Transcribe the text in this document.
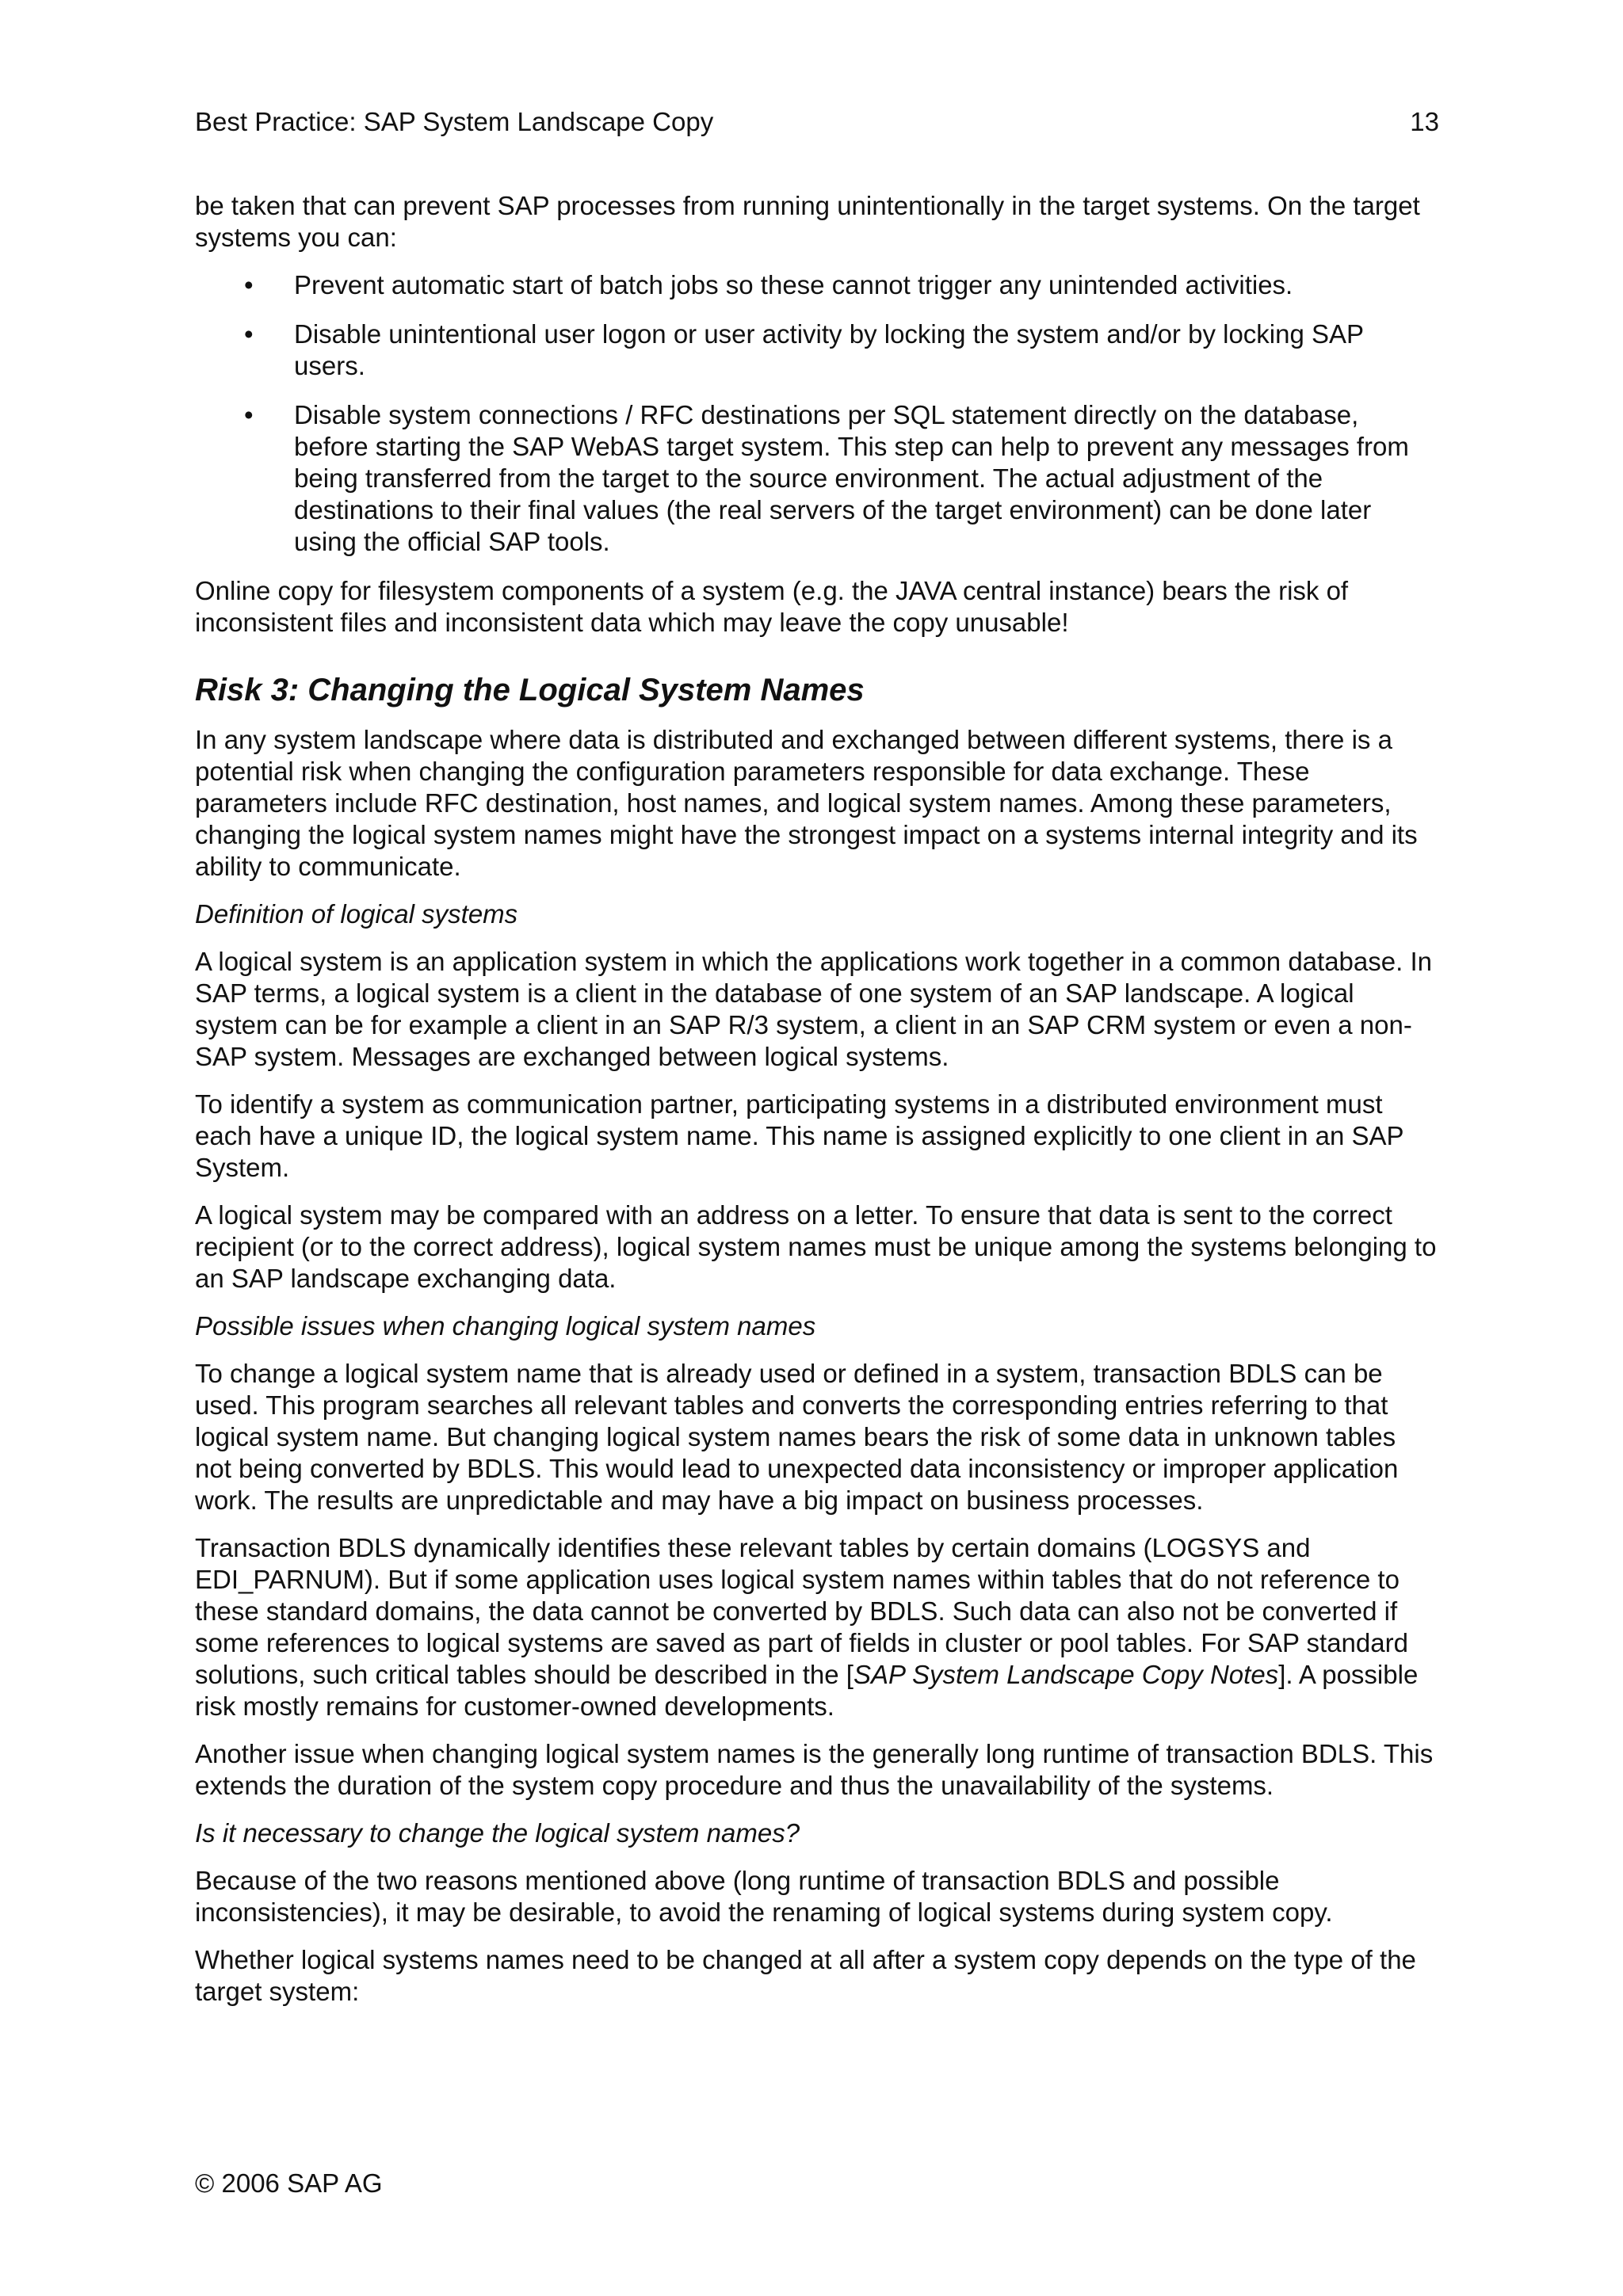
Best Practice: SAP System Landscape Copy	13

be taken that can prevent SAP processes from running unintentionally in the target systems. On the target systems you can:

• Prevent automatic start of batch jobs so these cannot trigger any unintended activities.
• Disable unintentional user logon or user activity by locking the system and/or by locking SAP users.
• Disable system connections / RFC destinations per SQL statement directly on the database, before starting the SAP WebAS target system. This step can help to prevent any messages from being transferred from the target to the source environment. The actual adjustment of the destinations to their final values (the real servers of the target environment) can be done later using the official SAP tools.

Online copy for filesystem components of a system (e.g. the JAVA central instance) bears the risk of inconsistent files and inconsistent data which may leave the copy unusable!

Risk 3: Changing the Logical System Names

In any system landscape where data is distributed and exchanged between different systems, there is a potential risk when changing the configuration parameters responsible for data exchange. These parameters include RFC destination, host names, and logical system names. Among these parameters, changing the logical system names might have the strongest impact on a systems internal integrity and its ability to communicate.

Definition of logical systems

A logical system is an application system in which the applications work together in a common database. In SAP terms, a logical system is a client in the database of one system of an SAP landscape. A logical system can be for example a client in an SAP R/3 system, a client in an SAP CRM system or even a non-SAP system. Messages are exchanged between logical systems.

To identify a system as communication partner, participating systems in a distributed environment must each have a unique ID, the logical system name. This name is assigned explicitly to one client in an SAP System.

A logical system may be compared with an address on a letter. To ensure that data is sent to the correct recipient (or to the correct address), logical system names must be unique among the systems belonging to an SAP landscape exchanging data.

Possible issues when changing logical system names

To change a logical system name that is already used or defined in a system, transaction BDLS can be used. This program searches all relevant tables and converts the corresponding entries referring to that logical system name. But changing logical system names bears the risk of some data in unknown tables not being converted by BDLS. This would lead to unexpected data inconsistency or improper application work. The results are unpredictable and may have a big impact on business processes.

Transaction BDLS dynamically identifies these relevant tables by certain domains (LOGSYS and EDI_PARNUM). But if some application uses logical system names within tables that do not reference to these standard domains, the data cannot be converted by BDLS. Such data can also not be converted if some references to logical systems are saved as part of fields in cluster or pool tables. For SAP standard solutions, such critical tables should be described in the [SAP System Landscape Copy Notes]. A possible risk mostly remains for customer-owned developments.

Another issue when changing logical system names is the generally long runtime of transaction BDLS. This extends the duration of the system copy procedure and thus the unavailability of the systems.

Is it necessary to change the logical system names?

Because of the two reasons mentioned above (long runtime of transaction BDLS and possible inconsistencies), it may be desirable, to avoid the renaming of logical systems during system copy.

Whether logical systems names need to be changed at all after a system copy depends on the type of the target system:

© 2006 SAP AG
